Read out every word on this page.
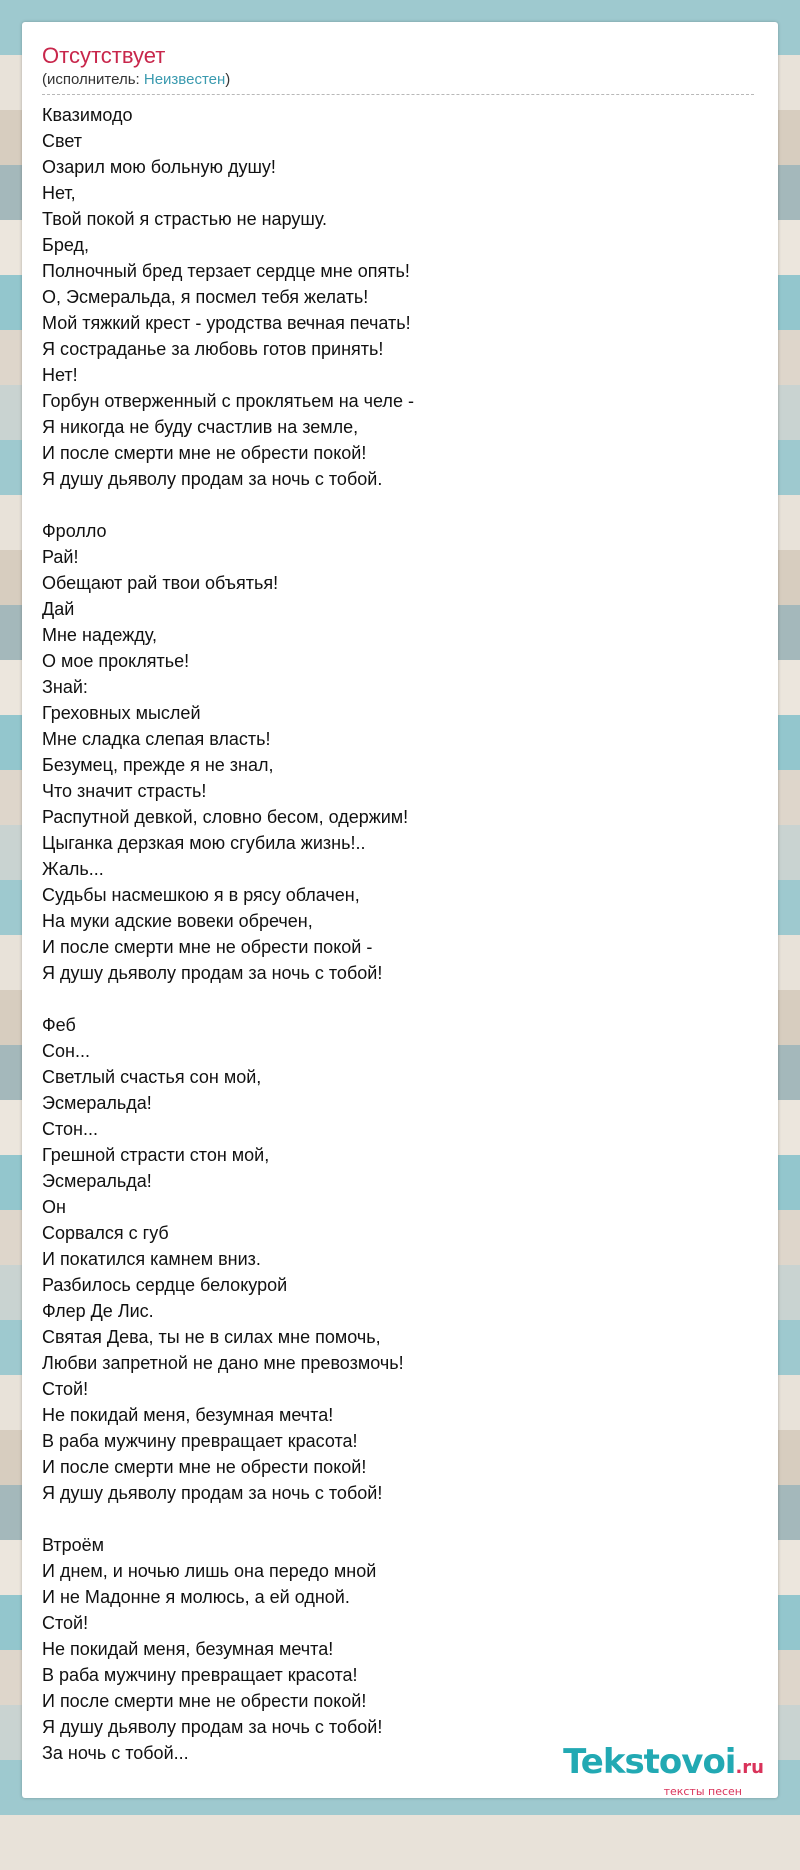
Отсутствует
(исполнитель: Неизвестен)
Квазимодо
Свет
Озарил мою больную душу!
Нет,
Твой покой я страстью не нарушу.
Бред,
Полночный бред терзает сердце мне опять!
О, Эсмеральда, я посмел тебя желать!
Мой тяжкий крест - уродства вечная печать!
Я состраданье за любовь готов принять!
Нет!
Горбун отверженный с проклятьем на челе -
Я никогда не буду счастлив на земле,
И после смерти мне не обрести покой!
Я душу дьяволу продам за ночь с тобой.
Фролло
Рай!
Обещают рай твои объятья!
Дай
Мне надежду,
О мое проклятье!
Знай:
Греховных мыслей
Мне сладка слепая власть!
Безумец, прежде я не знал,
Что значит страсть!
Распутной девкой, словно бесом, одержим!
Цыганка дерзкая мою сгубила жизнь!..
Жаль...
Судьбы насмешкою я в рясу облачен,
На муки адские вовеки обречен,
И после смерти мне не обрести покой -
Я душу дьяволу продам за ночь с тобой!
Феб
Сон...
Светлый счастья сон мой,
Эсмеральда!
Стон...
Грешной страсти стон мой,
Эсмеральда!
Он
Сорвался с губ
И покатился камнем вниз.
Разбилось сердце белокурой
Флер Де Лис.
Святая Дева, ты не в силах мне помочь,
Любви запретной не дано мне превозмочь!
Стой!
Не покидай меня, безумная мечта!
В раба мужчину превращает красота!
И после смерти мне не обрести покой!
Я душу дьяволу продам за ночь с тобой!
Втроём
И днем, и ночью лишь она передо мной
И не Мадонне я молюсь, а ей одной.
Стой!
Не покидай меня, безумная мечта!
В раба мужчину превращает красота!
И после смерти мне не обрести покой!
Я душу дьяволу продам за ночь с тобой!
За ночь с тобой...	Tekstovoi.ru
тексты песен
